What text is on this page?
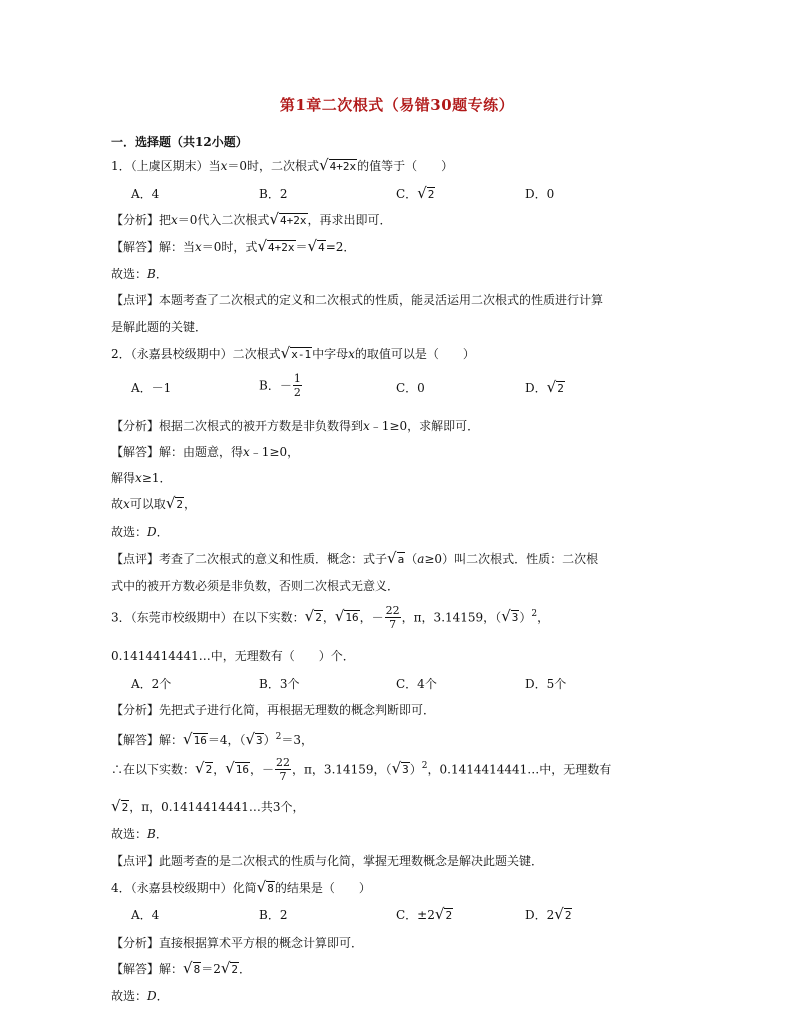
第1章二次根式（易错30题专练）
一．选择题（共12小题）
1．（上虞区期末）当x＝0时，二次根式√4+2x的值等于（　　）
A．4	B．2	C．√2	D．0
【分析】把x＝0代入二次根式√4+2x，再求出即可．
【解答】解：当x＝0时，式√4+2x＝√4=2．
故选：B．
【点评】本题考查了二次根式的定义和二次根式的性质，能灵活运用二次根式的性质进行计算
是解此题的关键．
2．（永嘉县校级期中）二次根式√x-1中字母x的取值可以是（　　）
A．－1	B．－ $\frac{1}{2}$	C．0	D．√2
【分析】根据二次根式的被开方数是非负数得到x﹣1≥0，求解即可．
【解答】解：由题意，得x﹣1≥0，
解得x≥1．
故x可以取√2，
故选：D．
【点评】考查了二次根式的意义和性质．概念：式子√a（a≥0）叫二次根式．性质：二次根
式中的被开方数必须是非负数，否则二次根式无意义．
3．（东莞市校级期中）在以下实数：√2，√16，－ $\frac{22}{7}$ ，π，3.14159，$(√3)^2$，
0.1414414441…中，无理数有（　　）个．
A．2个	B．3个	C．4个	D．5个
【分析】先把式子进行化简，再根据无理数的概念判断即可．
【解答】解：√16＝4，$(√3)^2=3$，
∴在以下实数：√2，√16，－ $\frac{22}{7}$ ，π，3.14159，$(√3)^2$，0.1414414441…中，无理数有
√2，π，0.1414414441…共3个，
故选：B．
【点评】此题考查的是二次根式的性质与化简，掌握无理数概念是解决此题关键．
4．（永嘉县校级期中）化简√8的结果是（　　）
A．4	B．2	C．±2√2	D．2√2
【分析】直接根据算术平方根的概念计算即可．
【解答】解：√8＝2√2．
故选：D．
